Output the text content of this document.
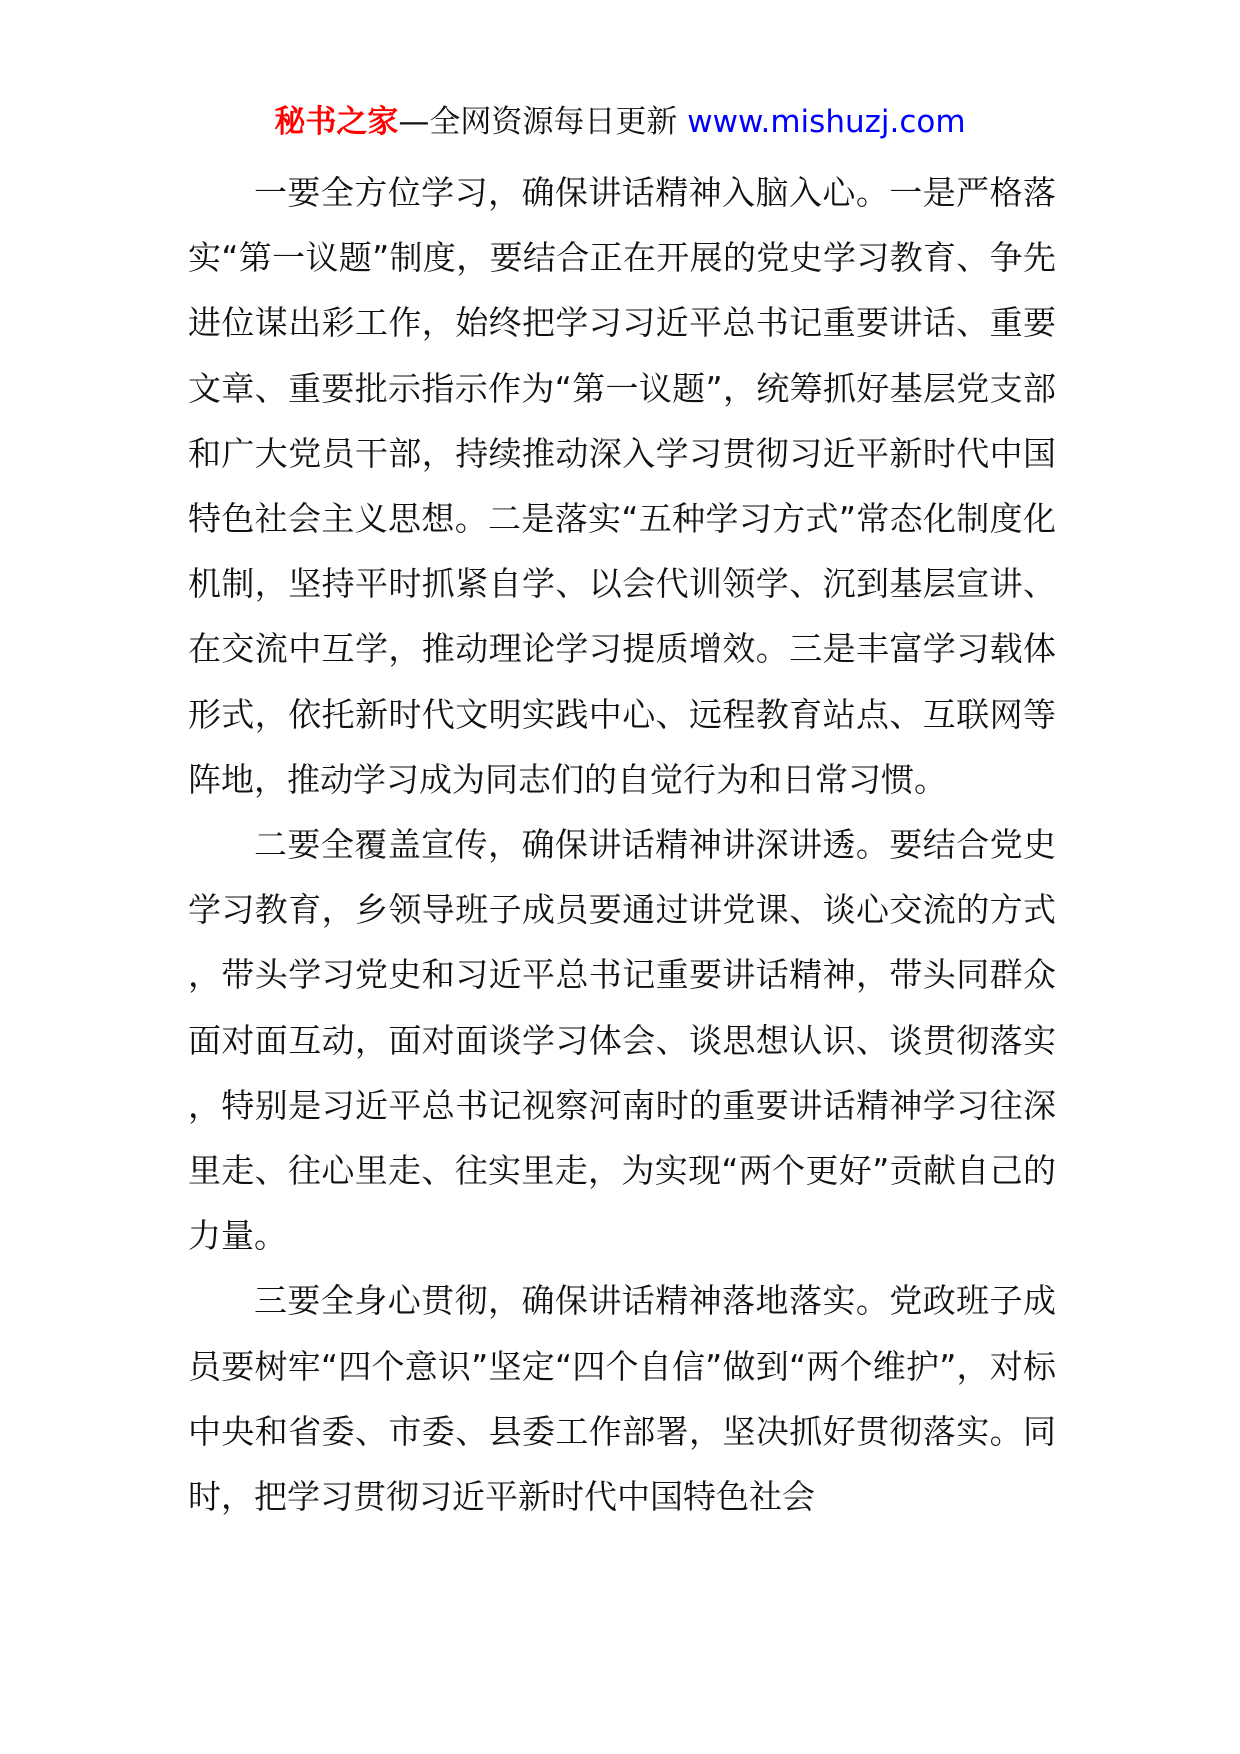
秘书之家—全网资源每日更新 www.mishuzj.com

一要全方位学习，确保讲话精神入脑入心。一是严格落实“第一议题”制度，要结合正在开展的党史学习教育、争先进位谋出彩工作，始终把学习习近平总书记重要讲话、重要文章、重要批示指示作为“第一议题”，统筹抓好基层党支部和广大党员干部，持续推动深入学习贯彻习近平新时代中国特色社会主义思想。二是落实“五种学习方式”常态化制度化机制，坚持平时抓紧自学、以会代训领学、沉到基层宣讲、在交流中互学，推动理论学习提质增效。三是丰富学习载体形式，依托新时代文明实践中心、远程教育站点、互联网等阵地，推动学习成为同志们的自觉行为和日常习惯。

二要全覆盖宣传，确保讲话精神讲深讲透。要结合党史学习教育，乡领导班子成员要通过讲党课、谈心交流的方式，带头学习党史和习近平总书记重要讲话精神，带头同群众面对面互动，面对面谈学习体会、谈思想认识、谈贯彻落实，特别是习近平总书记视察河南时的重要讲话精神学习往深里走、往心里走、往实里走，为实现“两个更好”贡献自己的力量。

三要全身心贯彻，确保讲话精神落地落实。党政班子成员要树牢“四个意识”坚定“四个自信”做到“两个维护”，对标中央和省委、市委、县委工作部署，坚决抓好贯彻落实。同时，把学习贯彻习近平新时代中国特色社会
